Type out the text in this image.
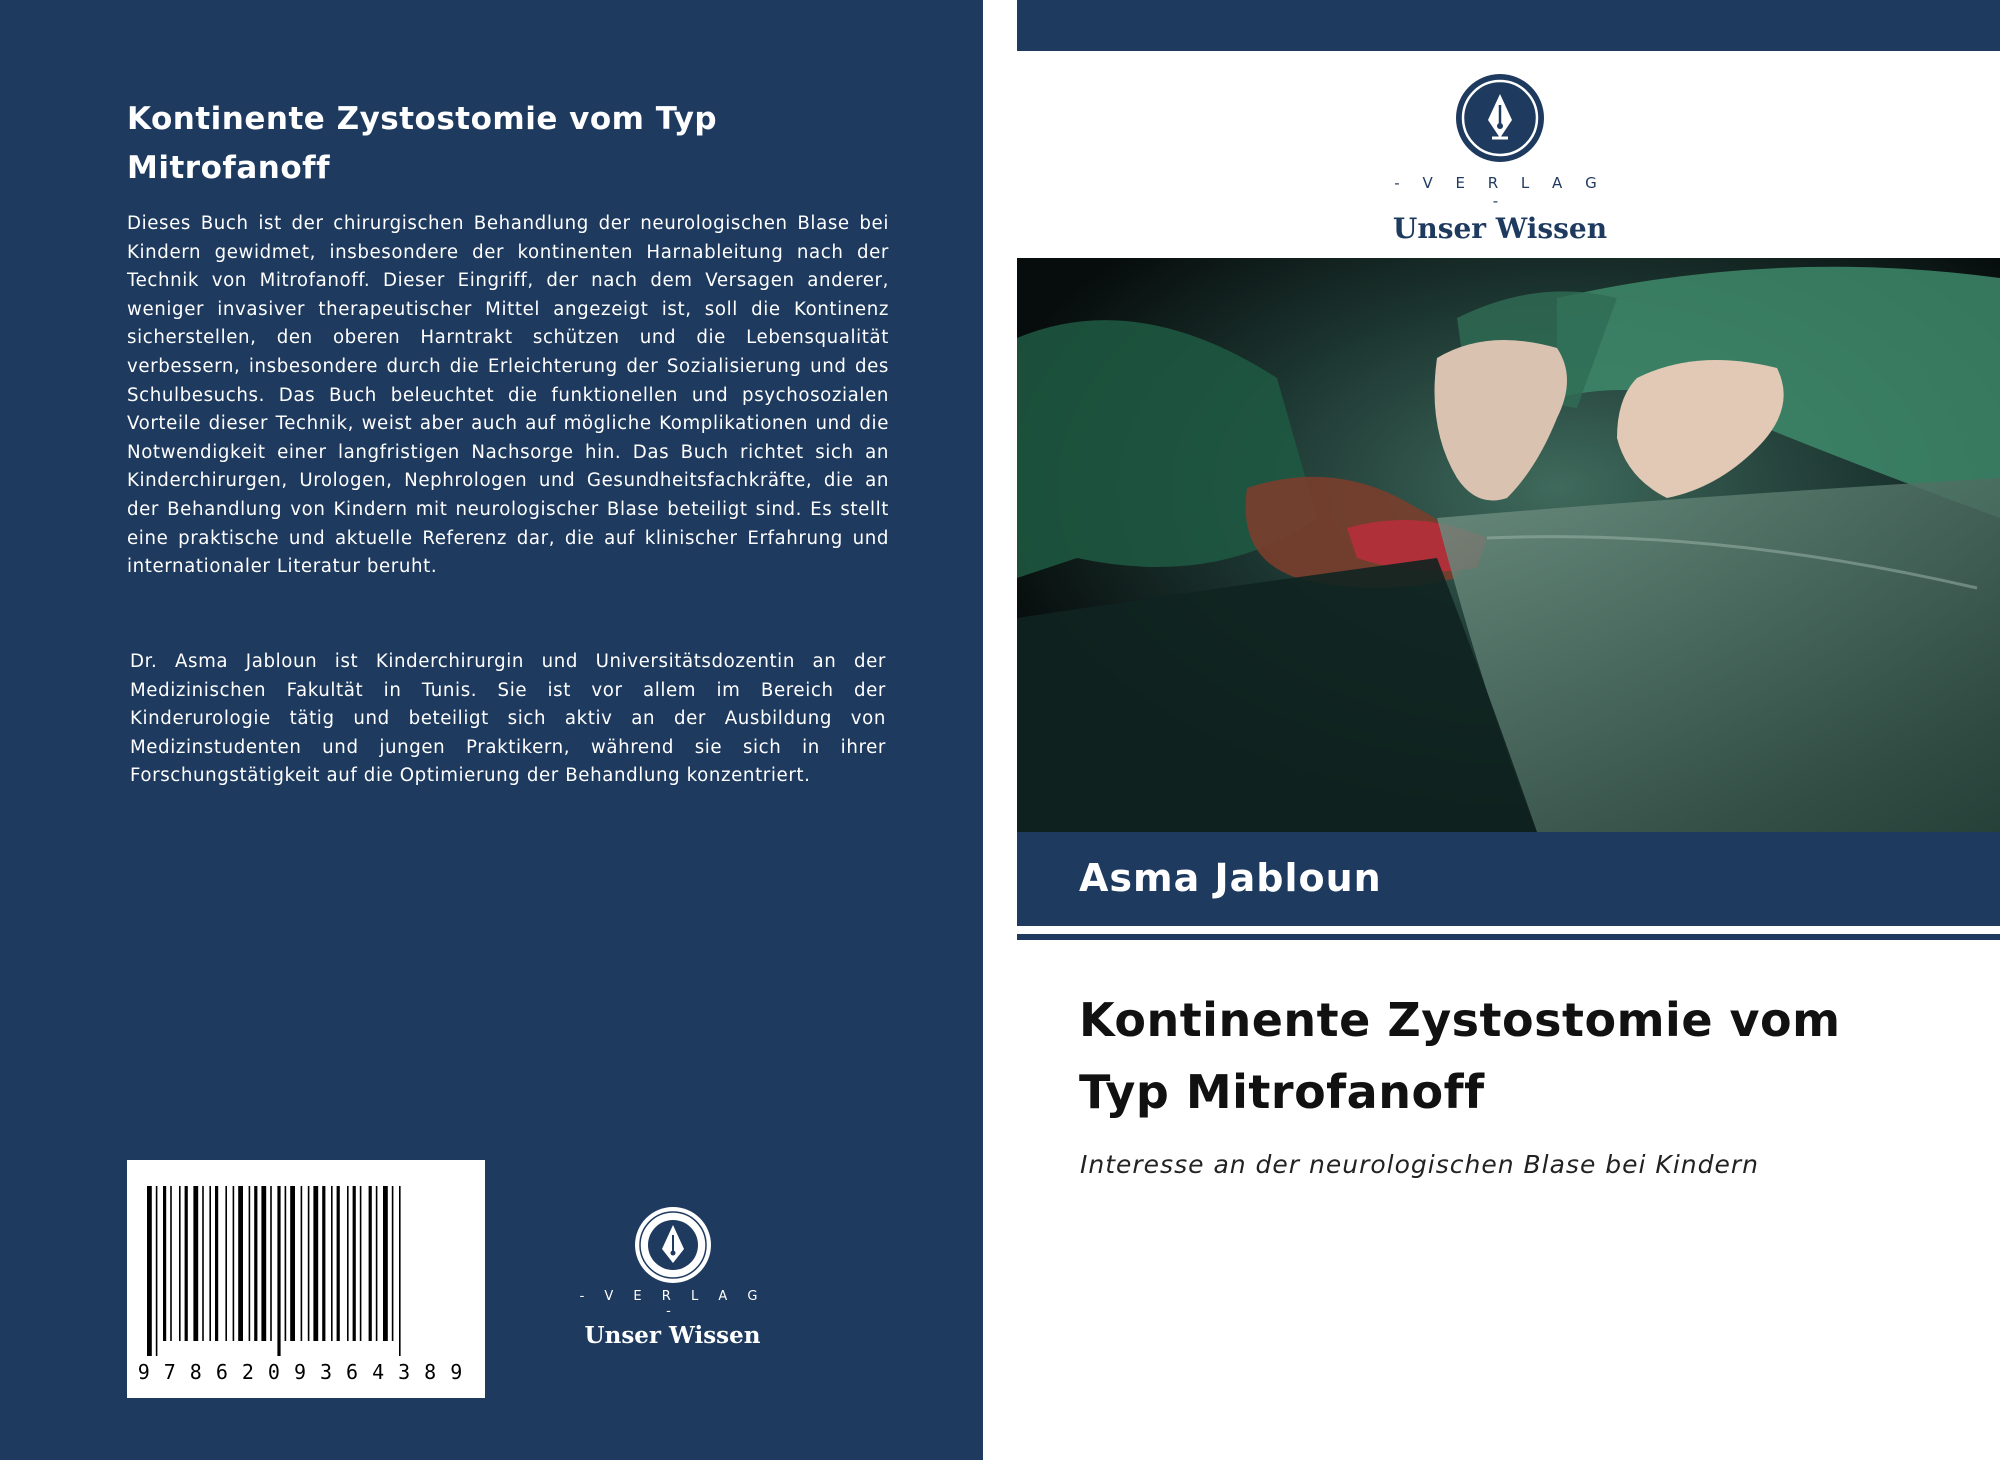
Kontinente Zystostomie vom Typ Mitrofanoff

Dieses Buch ist der chirurgischen Behandlung der neurologischen Blase bei Kindern gewidmet, insbesondere der kontinenten Harnableitung nach der Technik von Mitrofanoff. Dieser Eingriff, der nach dem Versagen anderer, weniger invasiver therapeutischer Mittel angezeigt ist, soll die Kontinenz sicherstellen, den oberen Harntrakt schützen und die Lebensqualität verbessern, insbesondere durch die Erleichterung der Sozialisierung und des Schulbesuchs. Das Buch beleuchtet die funktionellen und psychosozialen Vorteile dieser Technik, weist aber auch auf mögliche Komplikationen und die Notwendigkeit einer langfristigen Nachsorge hin. Das Buch richtet sich an Kinderchirurgen, Urologen, Nephrologen und Gesundheitsfachkräfte, die an der Behandlung von Kindern mit neurologischer Blase beteiligt sind. Es stellt eine praktische und aktuelle Referenz dar, die auf klinischer Erfahrung und internationaler Literatur beruht.

Dr. Asma Jabloun ist Kinderchirurgin und Universitätsdozentin an der Medizinischen Fakultät in Tunis. Sie ist vor allem im Bereich der Kinderurologie tätig und beteiligt sich aktiv an der Ausbildung von Medizinstudenten und jungen Praktikern, während sie sich in ihrer Forschungstätigkeit auf die Optimierung der Behandlung konzentriert.

9786209364389
- V E R L A G -
Unser Wissen
- V E R L A G -
Unser Wissen

Asma Jabloun

Kontinente Zystostomie vom Typ Mitrofanoff

Interesse an der neurologischen Blase bei Kindern
